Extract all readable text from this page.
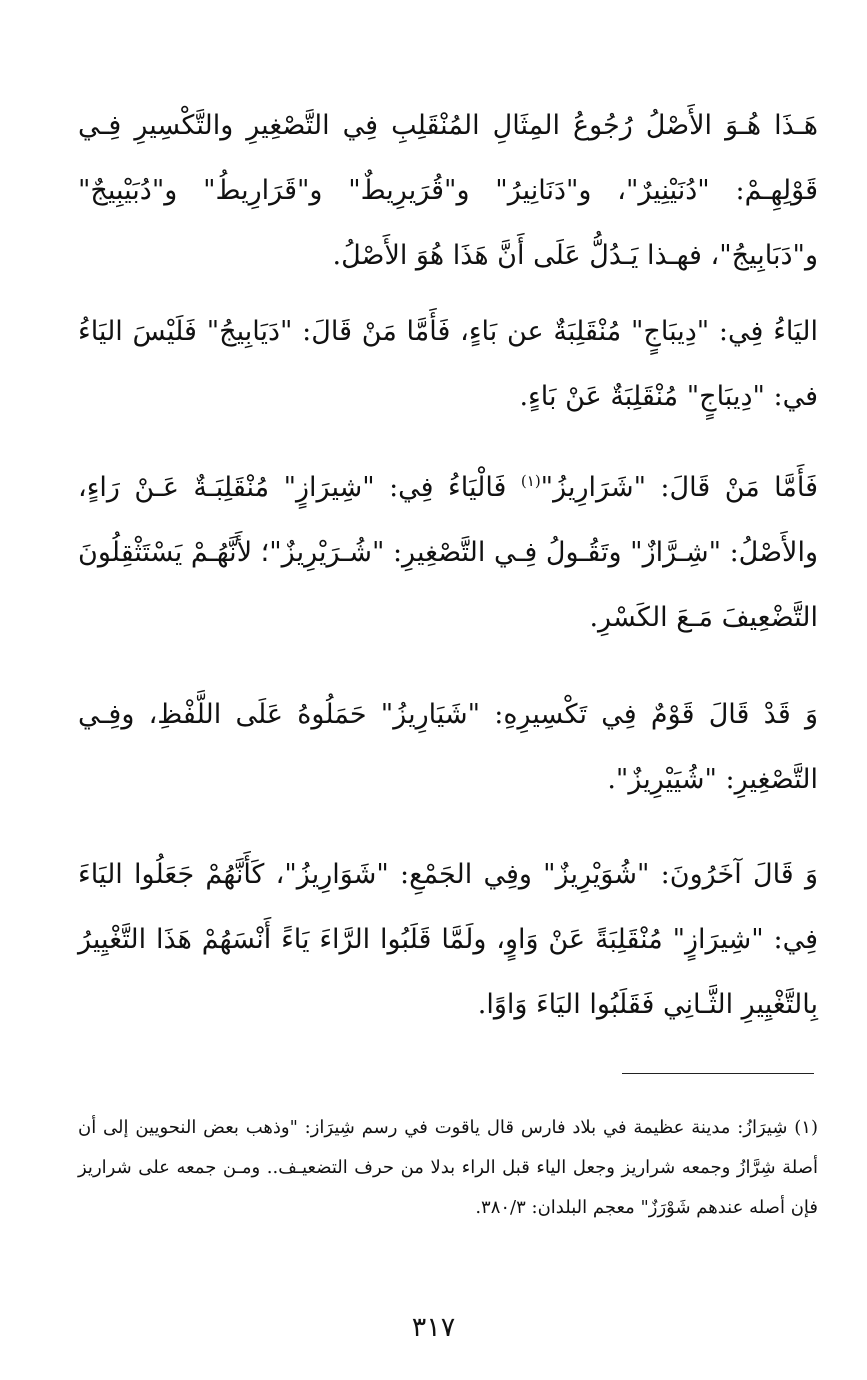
هَـذَا هُـوَ الأَصْلُ رُجُوعُ المِثَالِ المُنْقَلِبِ فِي التَّصْغِيرِ والتَّكْسِيرِ فِـي قَوْلِهِـمْ: "دُنَيْنِيرٌ"، و"دَنَانِيرُ" و"قُرَيرِيطٌ" و"قَرَارِيطُ" و"دُبَيْبِيجٌ" و"دَبَابِيجُ"، فهـذا يَـدُلُّ عَلَى أَنَّ هَذَا هُوَ الأَصْلُ.

اليَاءُ فِي: "دِيبَاجٍ" مُنْقَلِبَةٌ عن بَاءٍ، فَأَمَّا مَنْ قَالَ: "دَيَابِيجُ" فَلَيْسَ اليَاءُ في: "دِيبَاجٍ" مُنْقَلِبَةٌ عَنْ بَاءٍ.

فَأَمَّا مَنْ قَالَ: "شَرَارِيزُ"$^{(١)}$ فَالْيَاءُ فِي: "شِيرَازٍ" مُنْقَلِبَـةٌ عَـنْ رَاءٍ، والأَصْلُ: "شِـرَّازٌ" وتَقُـولُ فِـي التَّصْغِيرِ: "شُـرَيْرِيزٌ"؛ لأَنَّهُـمْ يَسْتَثْقِلُونَ التَّضْعِيفَ مَـعَ الكَسْرِ.

وَ قَدْ قَالَ قَوْمٌ فِي تَكْسِيرِهِ: "شَيَارِيزُ" حَمَلُوهُ عَلَى اللَّفْظِ، وفِـي التَّصْغِيرِ: "شُيَيْرِيزٌ".

وَ قَالَ آخَرُونَ: "شُوَيْرِيزٌ" وفِي الجَمْعِ: "شَوَارِيزُ"، كَأَنَّهُمْ جَعَلُوا اليَاءَ فِي: "شِيرَازٍ" مُنْقَلِبَةً عَنْ وَاوٍ، ولَمَّا قَلَبُوا الرَّاءَ يَاءً أَنْسَهُمْ هَذَا التَّغْيِيرُ بِالتَّغْيِيرِ الثَّـانِي فَقَلَبُوا اليَاءَ وَاوًا.

(١) شِيرَازُ: مدينة عظيمة في بلاد فارس قال ياقوت في رسم شِيرَاز: "وذهب بعض النحويين إلى أن أصلة شِرَّازُ وجمعه شراريز وجعل الياء قبل الراء بدلا من حرف التضعيـف.. ومـن جمعه على شراريز فإن أصله عندهم شَوْرَزٌ" معجم البلدان: ٣٨٠/٣.

٣١٧
